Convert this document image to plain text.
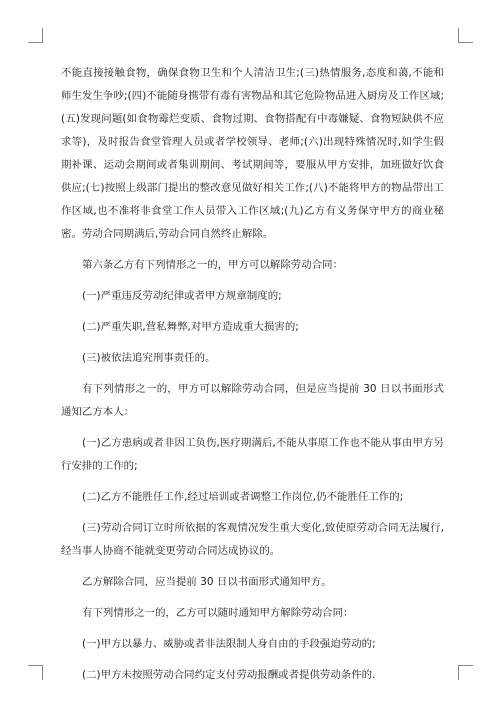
不能直接接触食物，确保食物卫生和个人清洁卫生;(三)热情服务,态度和蔼,不能和师生发生争吵;(四)不能随身携带有毒有害物品和其它危险物品进入厨房及工作区域;(五)发现问题(如食物霉烂变质、食物过期、食物搭配有中毒嫌疑、食物短缺供不应求等)，及时报告食堂管理人员或者学校领导、老师;(六)出现特殊情况时,如学生假期补课、运动会期间或者集训期间、考试期间等，要服从甲方安排，加班做好饮食供应;(七)按照上级部门提出的整改意见做好相关工作;(八)不能将甲方的物品带出工作区域,也不准将非食堂工作人员带入工作区域;(九)乙方有义务保守甲方的商业秘密。劳动合同期满后,劳动合同自然终止解除。

第六条乙方有下列情形之一的，甲方可以解除劳动合同：

(一)严重违反劳动纪律或者甲方规章制度的;

(二)严重失职,营私舞弊,对甲方造成重大损害的;

(三)被依法追究刑事责任的。

有下列情形之一的，甲方可以解除劳动合同，但是应当提前 30 日以书面形式通知乙方本人：

(一)乙方患病或者非因工负伤,医疗期满后,不能从事原工作也不能从事由甲方另行安排的工作的;

(二)乙方不能胜任工作,经过培训或者调整工作岗位,仍不能胜任工作的;

(三)劳动合同订立时所依据的客观情况发生重大变化,致使原劳动合同无法履行,经当事人协商不能就变更劳动合同达成协议的。

乙方解除合同，应当提前 30 日以书面形式通知甲方。

有下列情形之一的，乙方可以随时通知甲方解除劳动合同：

(一)甲方以暴力、威胁或者非法限制人身自由的手段强迫劳动的;

(二)甲方未按照劳动合同约定支付劳动报酬或者提供劳动条件的.
